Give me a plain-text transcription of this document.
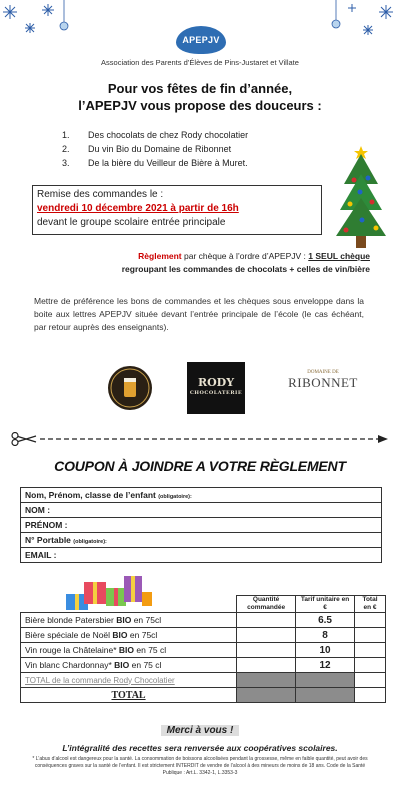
APEPJV
Association des Parents d’Élèves de Pins-Justaret et Villate
Pour vos fêtes de fin d’année,
l’APEPJV vous propose des douceurs :
1. Des chocolats de chez Rody chocolatier
2. Du vin Bio du Domaine de Ribonnet
3. De la bière du Veilleur de Bière à Muret.
Remise des commandes le :
vendredi 10 décembre 2021 à partir de 16h
devant le groupe scolaire entrée principale
Règlement par chèque à l’ordre d’APEPJV : 1 SEUL chèque
regroupant les commandes de chocolats + celles de vin/bière
Mettre de préférence les bons de commandes et les chèques sous enveloppe dans la boite aux lettres APEPJV située devant l’entrée principale de l’école (le cas échéant, par retour auprès des enseignants).
RODY
CHOCOLATERIE
DOMAINE DE
RIBONNET
COUPON À JOINDRE A VOTRE RÈGLEMENT
Nom, Prénom, classe de l’enfant (obligatoire):
NOM :
PRÉNOM :
N° Portable (obligatoire):
EMAIL :
	Quantité commandée	Tarif unitaire en €	Total en €
Bière blonde Patersbier BIO en 75cl		6.5	
Bière spéciale de Noël BIO en 75cl		8	
Vin rouge la Châtelaine* BIO en 75 cl		10	
Vin blanc Chardonnay* BIO en 75 cl		12	
TOTAL de la commande Rody Chocolatier			
TOTAL			
Merci à vous !
L’intégralité des recettes sera renversée aux coopératives scolaires.
* L’abus d’alcool est dangereux pour la santé. La consommation de boissons alcoolisées pendant la grossesse, même en faible quantité, peut avoir des conséquences graves sur la santé de l’enfant. Il est strictement INTERDIT de vendre de l’alcool à des mineurs de moins de 18 ans. Code de la Santé Publique : Art.L. 3342-1, L.3353-3
